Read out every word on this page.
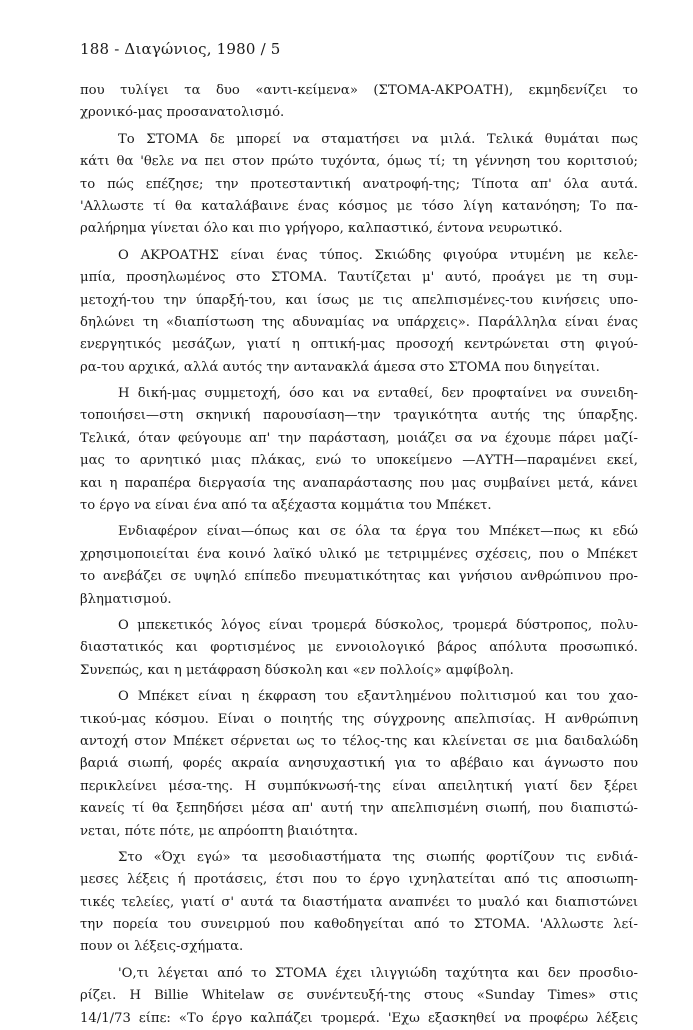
188 - Διαγώνιος, 1980 / 5
που τυλίγει τα δυο «αντι-κείμενα» (ΣΤΟΜΑ-ΑΚΡΟΑΤΗ), εκμηδενίζει το
χρονικό-μας προσανατολισμό.
Το ΣΤΟΜΑ δε μπορεί να σταματήσει να μιλά. Τελικά θυμάται πως
κάτι θα 'θελε να πει στον πρώτο τυχόντα, όμως τί; τη γέννηση του κοριτσιού;
το πώς επέζησε; την προτεσταντική ανατροφή-της; Τίποτα απ' όλα αυτά.
'Αλλωστε τί θα καταλάβαινε ένας κόσμος με τόσο λίγη κατανόηση; Το πα-
ραλήρημα γίνεται όλο και πιο γρήγορο, καλπαστικό, έντονα νευρωτικό.
Ο ΑΚΡΟΑΤΗΣ είναι ένας τύπος. Σκιώδης φιγούρα ντυμένη με κελε-
μπία, προσηλωμένος στο ΣΤΟΜΑ. Ταυτίζεται μ' αυτό, προάγει με τη συμ-
μετοχή-του την ύπαρξή-του, και ίσως με τις απελπισμένες-του κινήσεις υπο-
δηλώνει τη «διαπίστωση της αδυναμίας να υπάρχεις». Παράλληλα είναι ένας
ενεργητικός μεσάζων, γιατί η οπτική-μας προσοχή κεντρώνεται στη φιγού-
ρα-του αρχικά, αλλά αυτός την αντανακλά άμεσα στο ΣΤΟΜΑ που διηγείται.
Η δική-μας συμμετοχή, όσο και να ενταθεί, δεν προφταίνει να συνειδη-
τοποιήσει—στη σκηνική παρουσίαση—την τραγικότητα αυτής της ύπαρξης.
Τελικά, όταν φεύγουμε απ' την παράσταση, μοιάζει σα να έχουμε πάρει μαζί-
μας το αρνητικό μιας πλάκας, ενώ το υποκείμενο —ΑΥΤΗ—παραμένει εκεί,
και η παραπέρα διεργασία της αναπαράστασης που μας συμβαίνει μετά, κάνει
το έργο να είναι ένα από τα αξέχαστα κομμάτια του Μπέκετ.
Ενδιαφέρον είναι—όπως και σε όλα τα έργα του Μπέκετ—πως κι εδώ
χρησιμοποιείται ένα κοινό λαϊκό υλικό με τετριμμένες σχέσεις, που ο Μπέκετ
το ανεβάζει σε υψηλό επίπεδο πνευματικότητας και γνήσιου ανθρώπινου προ-
βληματισμού.
Ο μπεκετικός λόγος είναι τρομερά δύσκολος, τρομερά δύστροπος, πολυ-
διαστατικός και φορτισμένος με εννοιολογικό βάρος απόλυτα προσωπικό.
Συνεπώς, και η μετάφραση δύσκολη και «εν πολλοίς» αμφίβολη.
Ο Μπέκετ είναι η έκφραση του εξαντλημένου πολιτισμού και του χαο-
τικού-μας κόσμου. Είναι ο ποιητής της σύγχρονης απελπισίας. Η ανθρώπινη
αντοχή στον Μπέκετ σέρνεται ως το τέλος-της και κλείνεται σε μια δαιδαλώδη
βαριά σιωπή, φορές ακραία ανησυχαστική για το αβέβαιο και άγνωστο που
περικλείνει μέσα-της. Η συμπύκνωσή-της είναι απειλητική γιατί δεν ξέρει
κανείς τί θα ξεπηδήσει μέσα απ' αυτή την απελπισμένη σιωπή, που διαπιστώ-
νεται, πότε πότε, με απρόοπτη βιαιότητα.
Στο «Όχι εγώ» τα μεσοδιαστήματα της σιωπής φορτίζουν τις ενδιά-
μεσες λέξεις ή προτάσεις, έτσι που το έργο ιχνηλατείται από τις αποσιωπη-
τικές τελείες, γιατί σ' αυτά τα διαστήματα αναπνέει το μυαλό και διαπιστώνει
την πορεία του συνειρμού που καθοδηγείται από το ΣΤΟΜΑ. 'Αλλωστε λεί-
πουν οι λέξεις-σχήματα.
'Ο,τι λέγεται από το ΣΤΟΜΑ έχει ιλιγγιώδη ταχύτητα και δεν προσδιο-
ρίζει. Η Billie Whitelaw σε συνέντευξή-της στους «Sunday Times» στις
14/1/73 είπε: «Το έργο καλπάζει τρομερά. 'Εχω εξασκηθεί να προφέρω λέξεις
